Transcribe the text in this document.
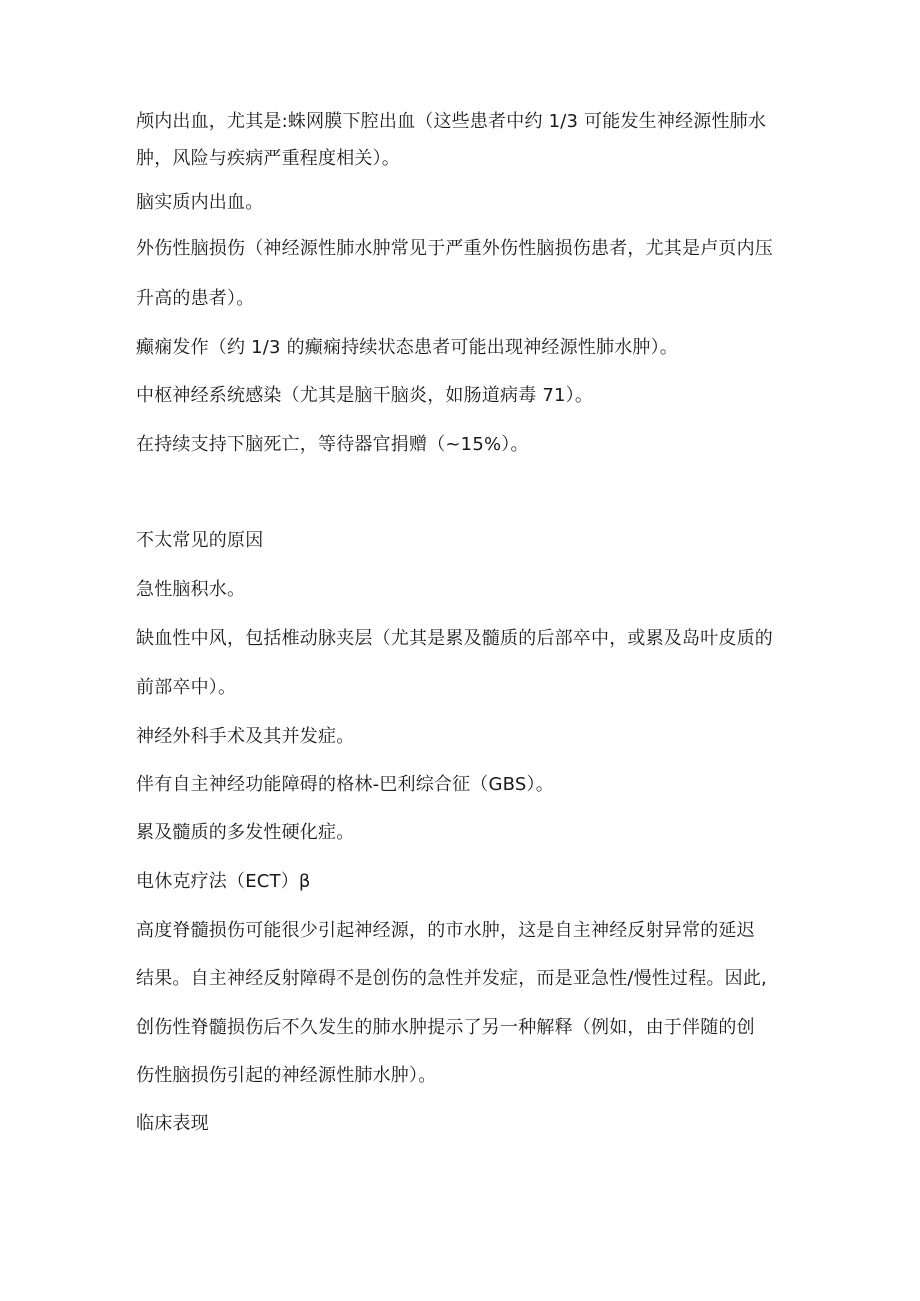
颅内出血，尤其是:蛛网膜下腔出血（这些患者中约 1/3 可能发生神经源性肺水

肿，风险与疾病严重程度相关）。

脑实质内出血。

外伤性脑损伤（神经源性肺水肿常见于严重外伤性脑损伤患者，尤其是卢页内压

升高的患者）。

癫痫发作（约 1/3 的癫痫持续状态患者可能出现神经源性肺水肿）。

中枢神经系统感染（尤其是脑干脑炎，如肠道病毒 71）。

在持续支持下脑死亡，等待器官捐赠（~15%）。

不太常见的原因

急性脑积水。

缺血性中风，包括椎动脉夹层（尤其是累及髓质的后部卒中，或累及岛叶皮质的

前部卒中）。

神经外科手术及其并发症。

伴有自主神经功能障碍的格林-巴利综合征（GBS）。

累及髓质的多发性硬化症。

电休克疗法（ECT）β

高度脊髓损伤可能很少引起神经源，的市水肿，这是自主神经反射异常的延迟

结果。自主神经反射障碍不是创伤的急性并发症，而是亚急性/慢性过程。因此,

创伤性脊髓损伤后不久发生的肺水肿提示了另一种解释（例如，由于伴随的创

伤性脑损伤引起的神经源性肺水肿）。

临床表现
